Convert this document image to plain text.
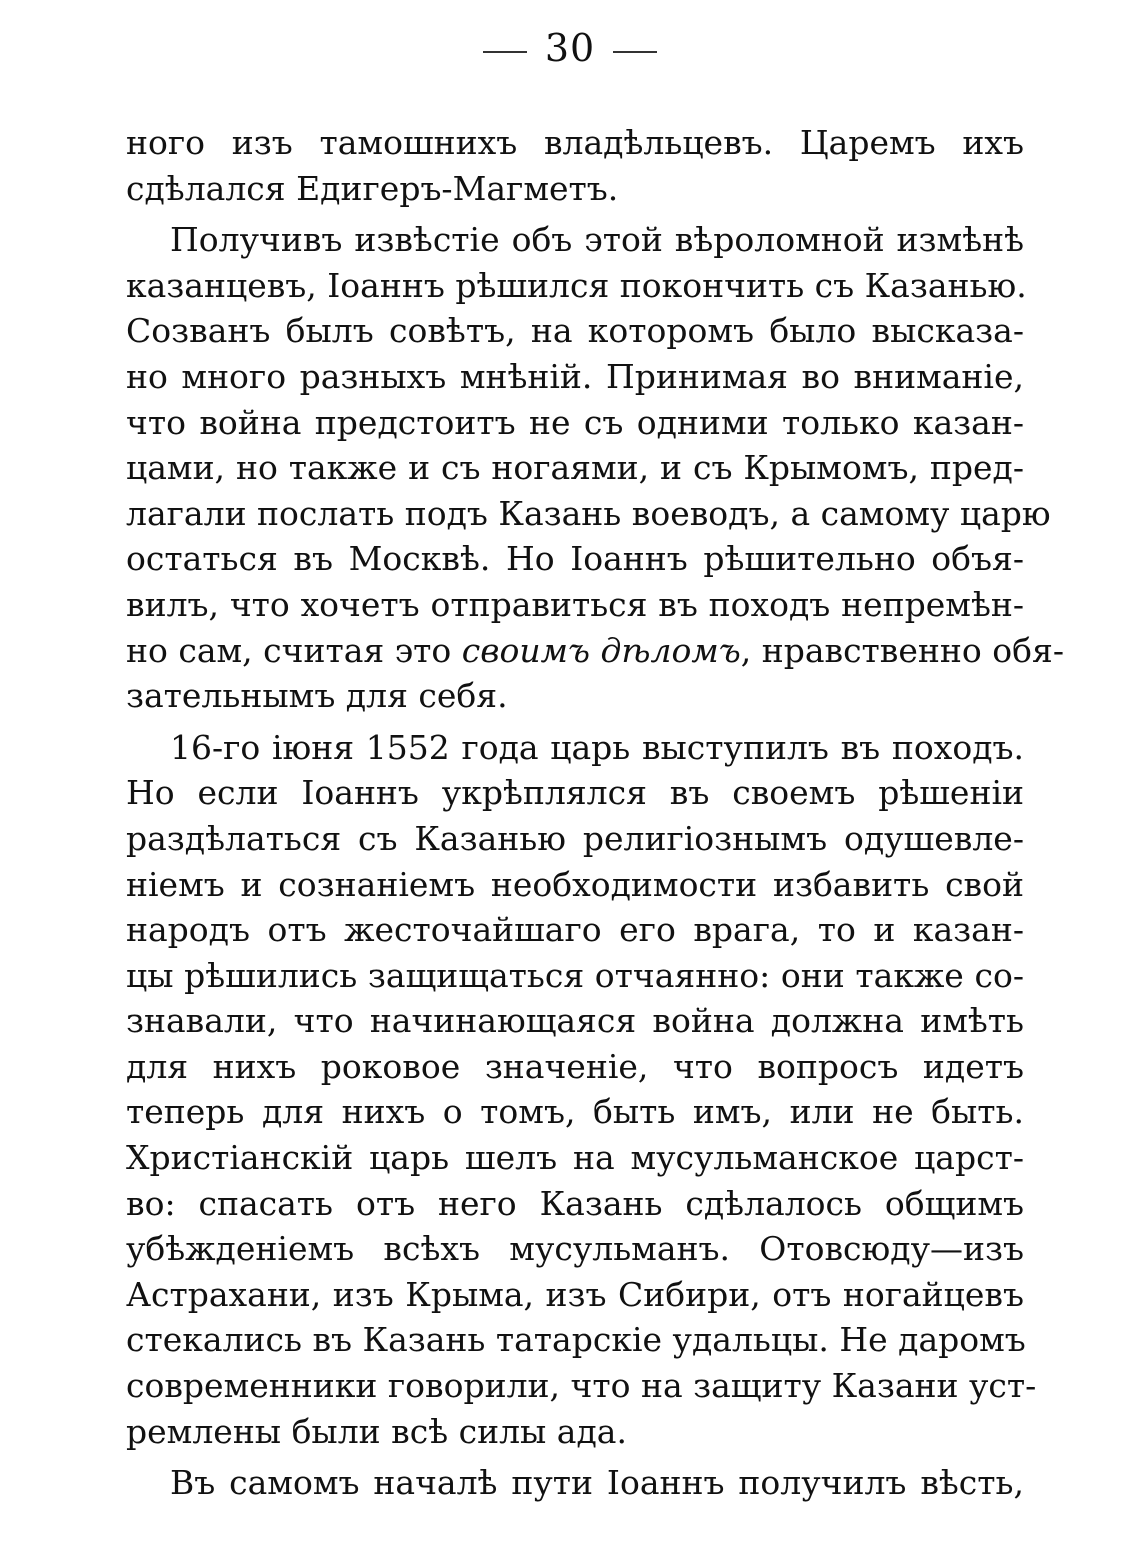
30
ного изъ тамошнихъ владѣльцевъ. Царемъ ихъ
сдѣлался Едигеръ-Магметъ.
Получивъ извѣстіе объ этой вѣроломной измѣнѣ
казанцевъ, Іоаннъ рѣшился покончить съ Казанью.
Созванъ былъ совѣтъ, на которомъ было высказа-
но много разныхъ мнѣній. Принимая во вниманіе,
что война предстоитъ не съ одними только казан-
цами, но также и съ ногаями, и съ Крымомъ, пред-
лагали послать подъ Казань воеводъ, а самому царю
остаться въ Москвѣ. Но Іоаннъ рѣшительно объя-
вилъ, что хочетъ отправиться въ походъ непремѣн-
но сам, считая это своимъ дѣломъ, нравственно обя-
зательнымъ для себя.
16-го іюня 1552 года царь выступилъ въ походъ.
Но если Іоаннъ укрѣплялся въ своемъ рѣшеніи
раздѣлаться съ Казанью религіознымъ одушевле-
ніемъ и сознаніемъ необходимости избавить свой
народъ отъ жесточайшаго его врага, то и казан-
цы рѣшились защищаться отчаянно: они также со-
знавали, что начинающаяся война должна имѣть
для нихъ роковое значеніе, что вопросъ идетъ
теперь для нихъ о томъ, быть имъ, или не быть.
Христіанскій царь шелъ на мусульманское царст-
во: спасать отъ него Казань сдѣлалось общимъ
убѣжденіемъ всѣхъ мусульманъ. Отовсюду—изъ
Астрахани, изъ Крыма, изъ Сибири, отъ ногайцевъ
стекались въ Казань татарскіе удальцы. Не даромъ
современники говорили, что на защиту Казани уст-
ремлены были всѣ силы ада.
Въ самомъ началѣ пути Іоаннъ получилъ вѣсть,
